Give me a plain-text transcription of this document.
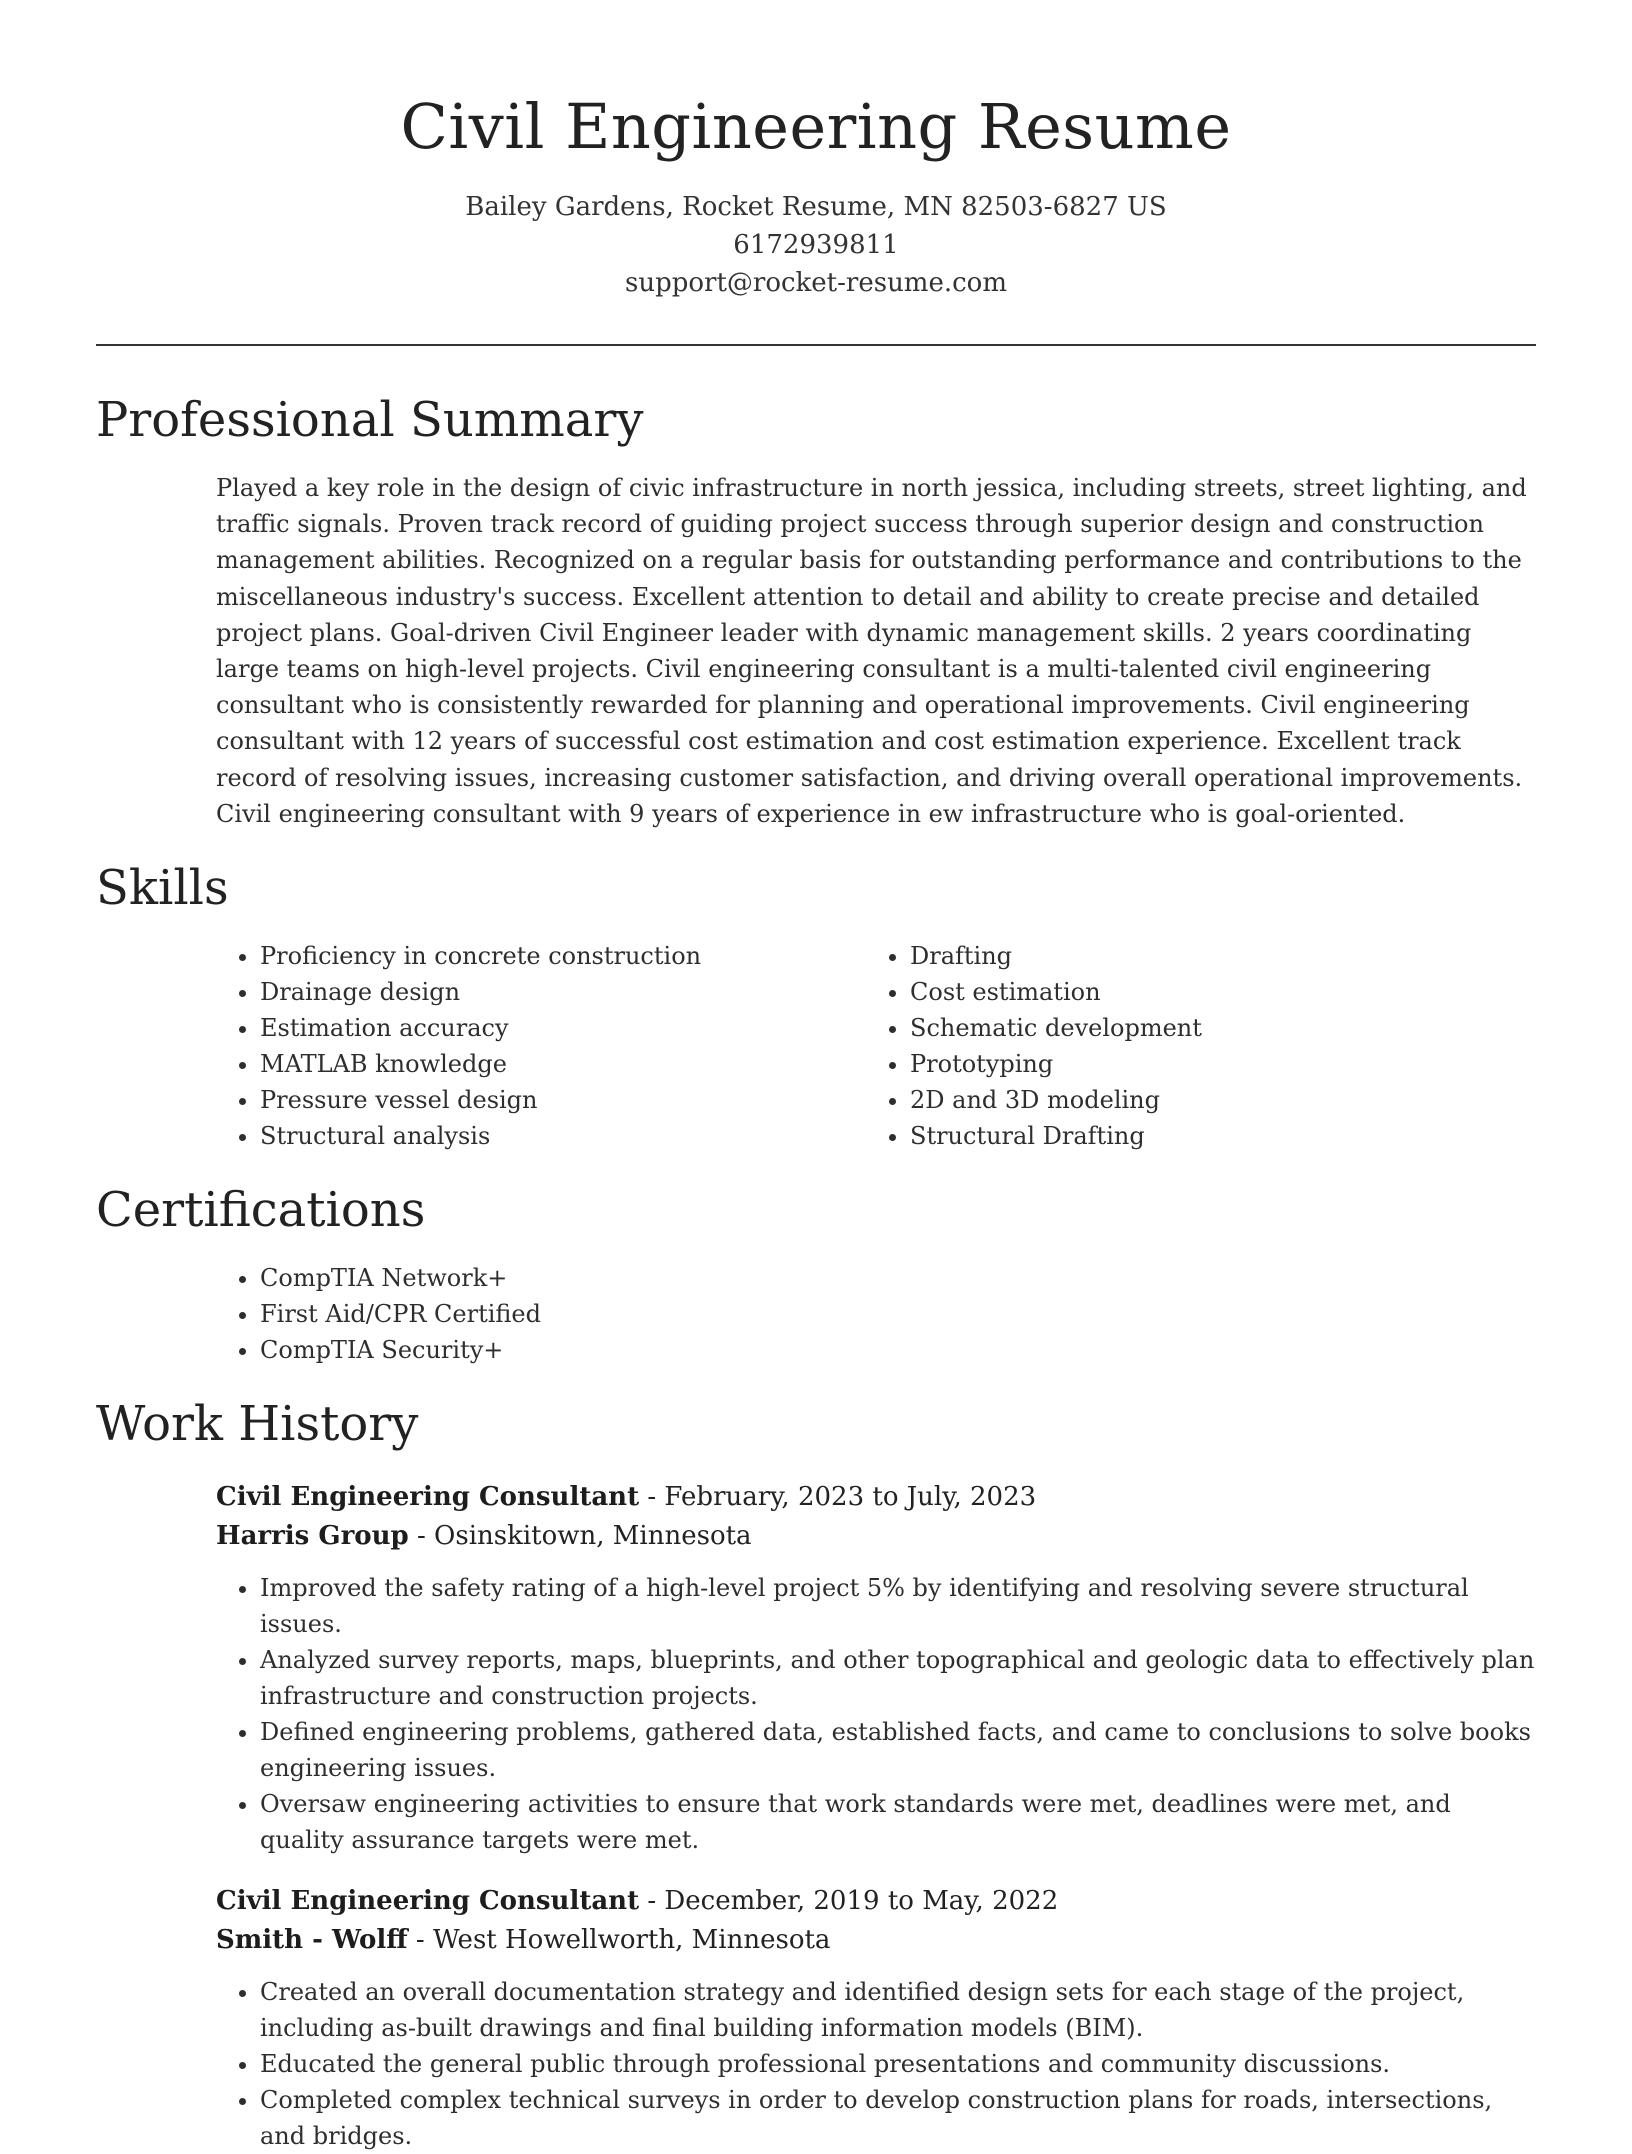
Civil Engineering Resume
Bailey Gardens, Rocket Resume, MN 82503-6827 US
6172939811
support@rocket-resume.com
Professional Summary

Played a key role in the design of civic infrastructure in north jessica, including streets, street lighting, and traffic signals. Proven track record of guiding project success through superior design and construction management abilities. Recognized on a regular basis for outstanding performance and contributions to the miscellaneous industry's success. Excellent attention to detail and ability to create precise and detailed project plans. Goal-driven Civil Engineer leader with dynamic management skills. 2 years coordinating large teams on high-level projects. Civil engineering consultant is a multi-talented civil engineering consultant who is consistently rewarded for planning and operational improvements. Civil engineering consultant with 12 years of successful cost estimation and cost estimation experience. Excellent track record of resolving issues, increasing customer satisfaction, and driving overall operational improvements. Civil engineering consultant with 9 years of experience in ew infrastructure who is goal-oriented.

Skills
• Proficiency in concrete construction
• Drainage design
• Estimation accuracy
• MATLAB knowledge
• Pressure vessel design
• Structural analysis
• Drafting
• Cost estimation
• Schematic development
• Prototyping
• 2D and 3D modeling
• Structural Drafting
Certifications
• CompTIA Network+
• First Aid/CPR Certified
• CompTIA Security+
Work History
Civil Engineering Consultant - February, 2023 to July, 2023
Harris Group - Osinskitown, Minnesota
• Improved the safety rating of a high-level project 5% by identifying and resolving severe structural issues.
• Analyzed survey reports, maps, blueprints, and other topographical and geologic data to effectively plan infrastructure and construction projects.
• Defined engineering problems, gathered data, established facts, and came to conclusions to solve books engineering issues.
• Oversaw engineering activities to ensure that work standards were met, deadlines were met, and quality assurance targets were met.
Civil Engineering Consultant - December, 2019 to May, 2022
Smith - Wolff - West Howellworth, Minnesota
• Created an overall documentation strategy and identified design sets for each stage of the project, including as-built drawings and final building information models (BIM).
• Educated the general public through professional presentations and community discussions.
• Completed complex technical surveys in order to develop construction plans for roads, intersections, and bridges.
